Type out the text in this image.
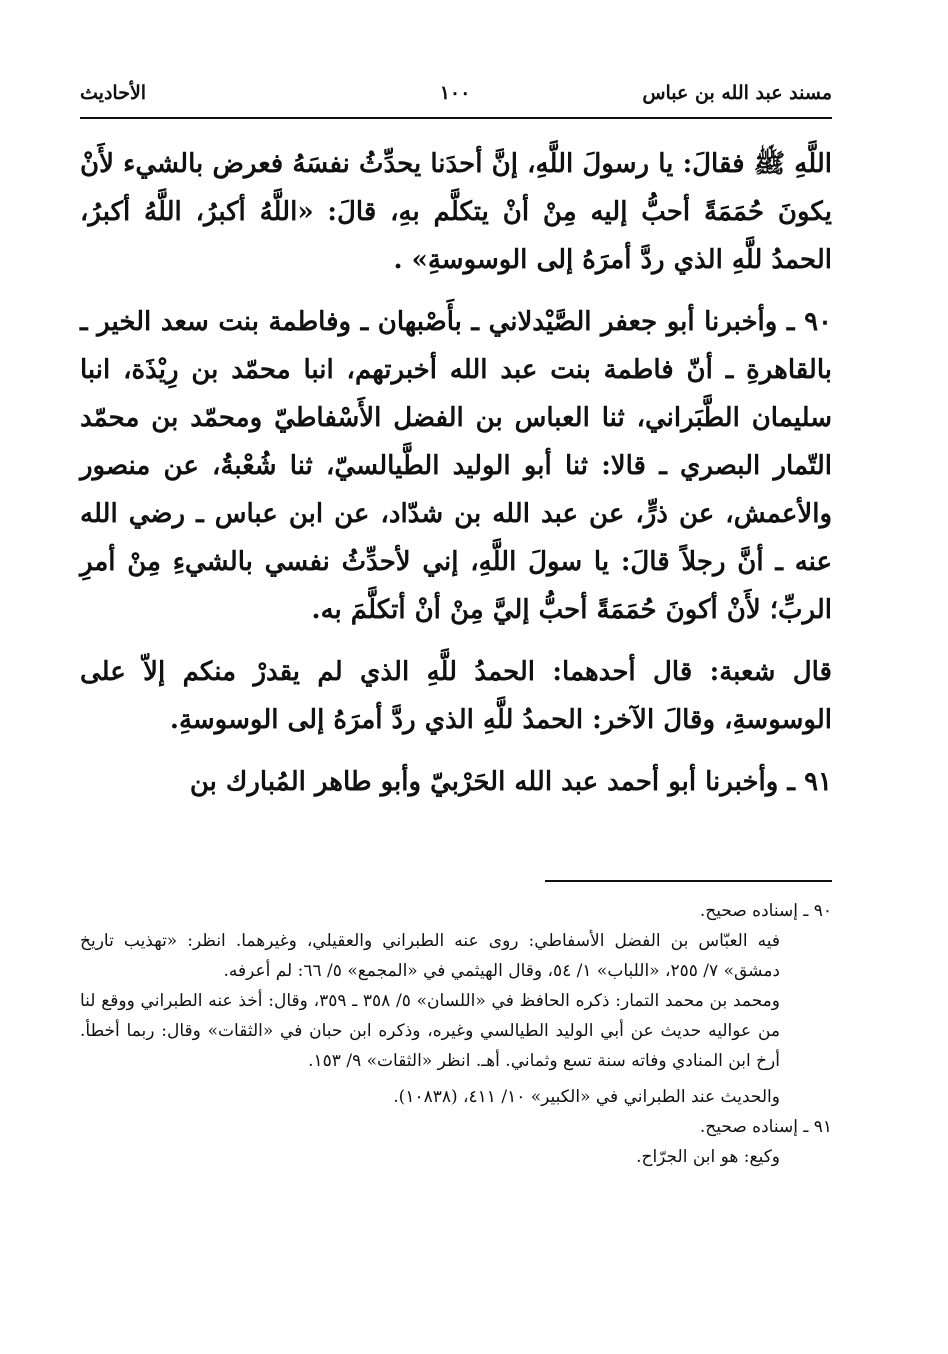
مسند عبد الله بن عباس
١٠٠
الأحاديث

اللَّهِ ﷺ فقالَ: يا رسولَ اللَّهِ، إنَّ أحدَنا يحدِّثُ نفسَهُ فعرض بالشيء لأَنْ يكونَ حُمَمَةً أحبُّ إليه مِنْ أنْ يتكلَّم بهِ، قالَ: «اللَّهُ أكبرُ، اللَّهُ أكبرُ، الحمدُ للَّهِ الذي ردَّ أمرَهُ إلى الوسوسةِ» .

٩٠ ـ وأخبرنا أبو جعفر الصَّيْدلاني ـ بأَصْبهان ـ وفاطمة بنت سعد الخير ـ بالقاهرةِ ـ أنّ فاطمة بنت عبد الله أخبرتهم، انبا محمّد بن رِيْذَة، انبا سليمان الطَّبَراني، ثنا العباس بن الفضل الأَسْفاطيّ ومحمّد بن محمّد التّمار البصري ـ قالا: ثنا أبو الوليد الطَّيالسيّ، ثنا شُعْبةُ، عن منصور والأعمش، عن ذرٍّ، عن عبد الله بن شدّاد، عن ابن عباس ـ رضي الله عنه ـ أنَّ رجلاً قالَ: يا سولَ اللَّهِ، إني لأحدِّثُ نفسي بالشيءِ مِنْ أمرِ الربِّ؛ لأَنْ أكونَ حُمَمَةً أحبُّ إليَّ مِنْ أنْ أتكلَّمَ به.

قال شعبة: قال أحدهما: الحمدُ للَّهِ الذي لم يقدرْ منكم إلاّ على الوسوسةِ، وقالَ الآخر: الحمدُ للَّهِ الذي ردَّ أمرَهُ إلى الوسوسةِ.

٩١ ـ وأخبرنا أبو أحمد عبد الله الحَرْبيّ وأبو طاهر المُبارك بن

٩٠ ـ إسناده صحيح.

فيه العبّاس بن الفضل الأسفاطي: روى عنه الطبراني والعقيلي، وغيرهما. انظر: «تهذيب تاريخ دمشق» ٧/ ٢٥٥، «اللباب» ١/ ٥٤، وقال الهيثمي في «المجمع» ٥/ ٦٦: لم أعرفه.

ومحمد بن محمد التمار: ذكره الحافظ في «اللسان» ٥/ ٣٥٨ ـ ٣٥٩، وقال: أخذ عنه الطبراني ووقع لنا من عواليه حديث عن أبي الوليد الطيالسي وغيره، وذكره ابن حبان في «الثقات» وقال: ربما أخطأ. أرخ ابن المنادي وفاته سنة تسع وثماني. أهـ. انظر «الثقات» ٩/ ١٥٣.

والحديث عند الطبراني في «الكبير» ١٠/ ٤١١، (١٠٨٣٨).

٩١ ـ إسناده صحيح.

وكيع: هو ابن الجرّاح.
